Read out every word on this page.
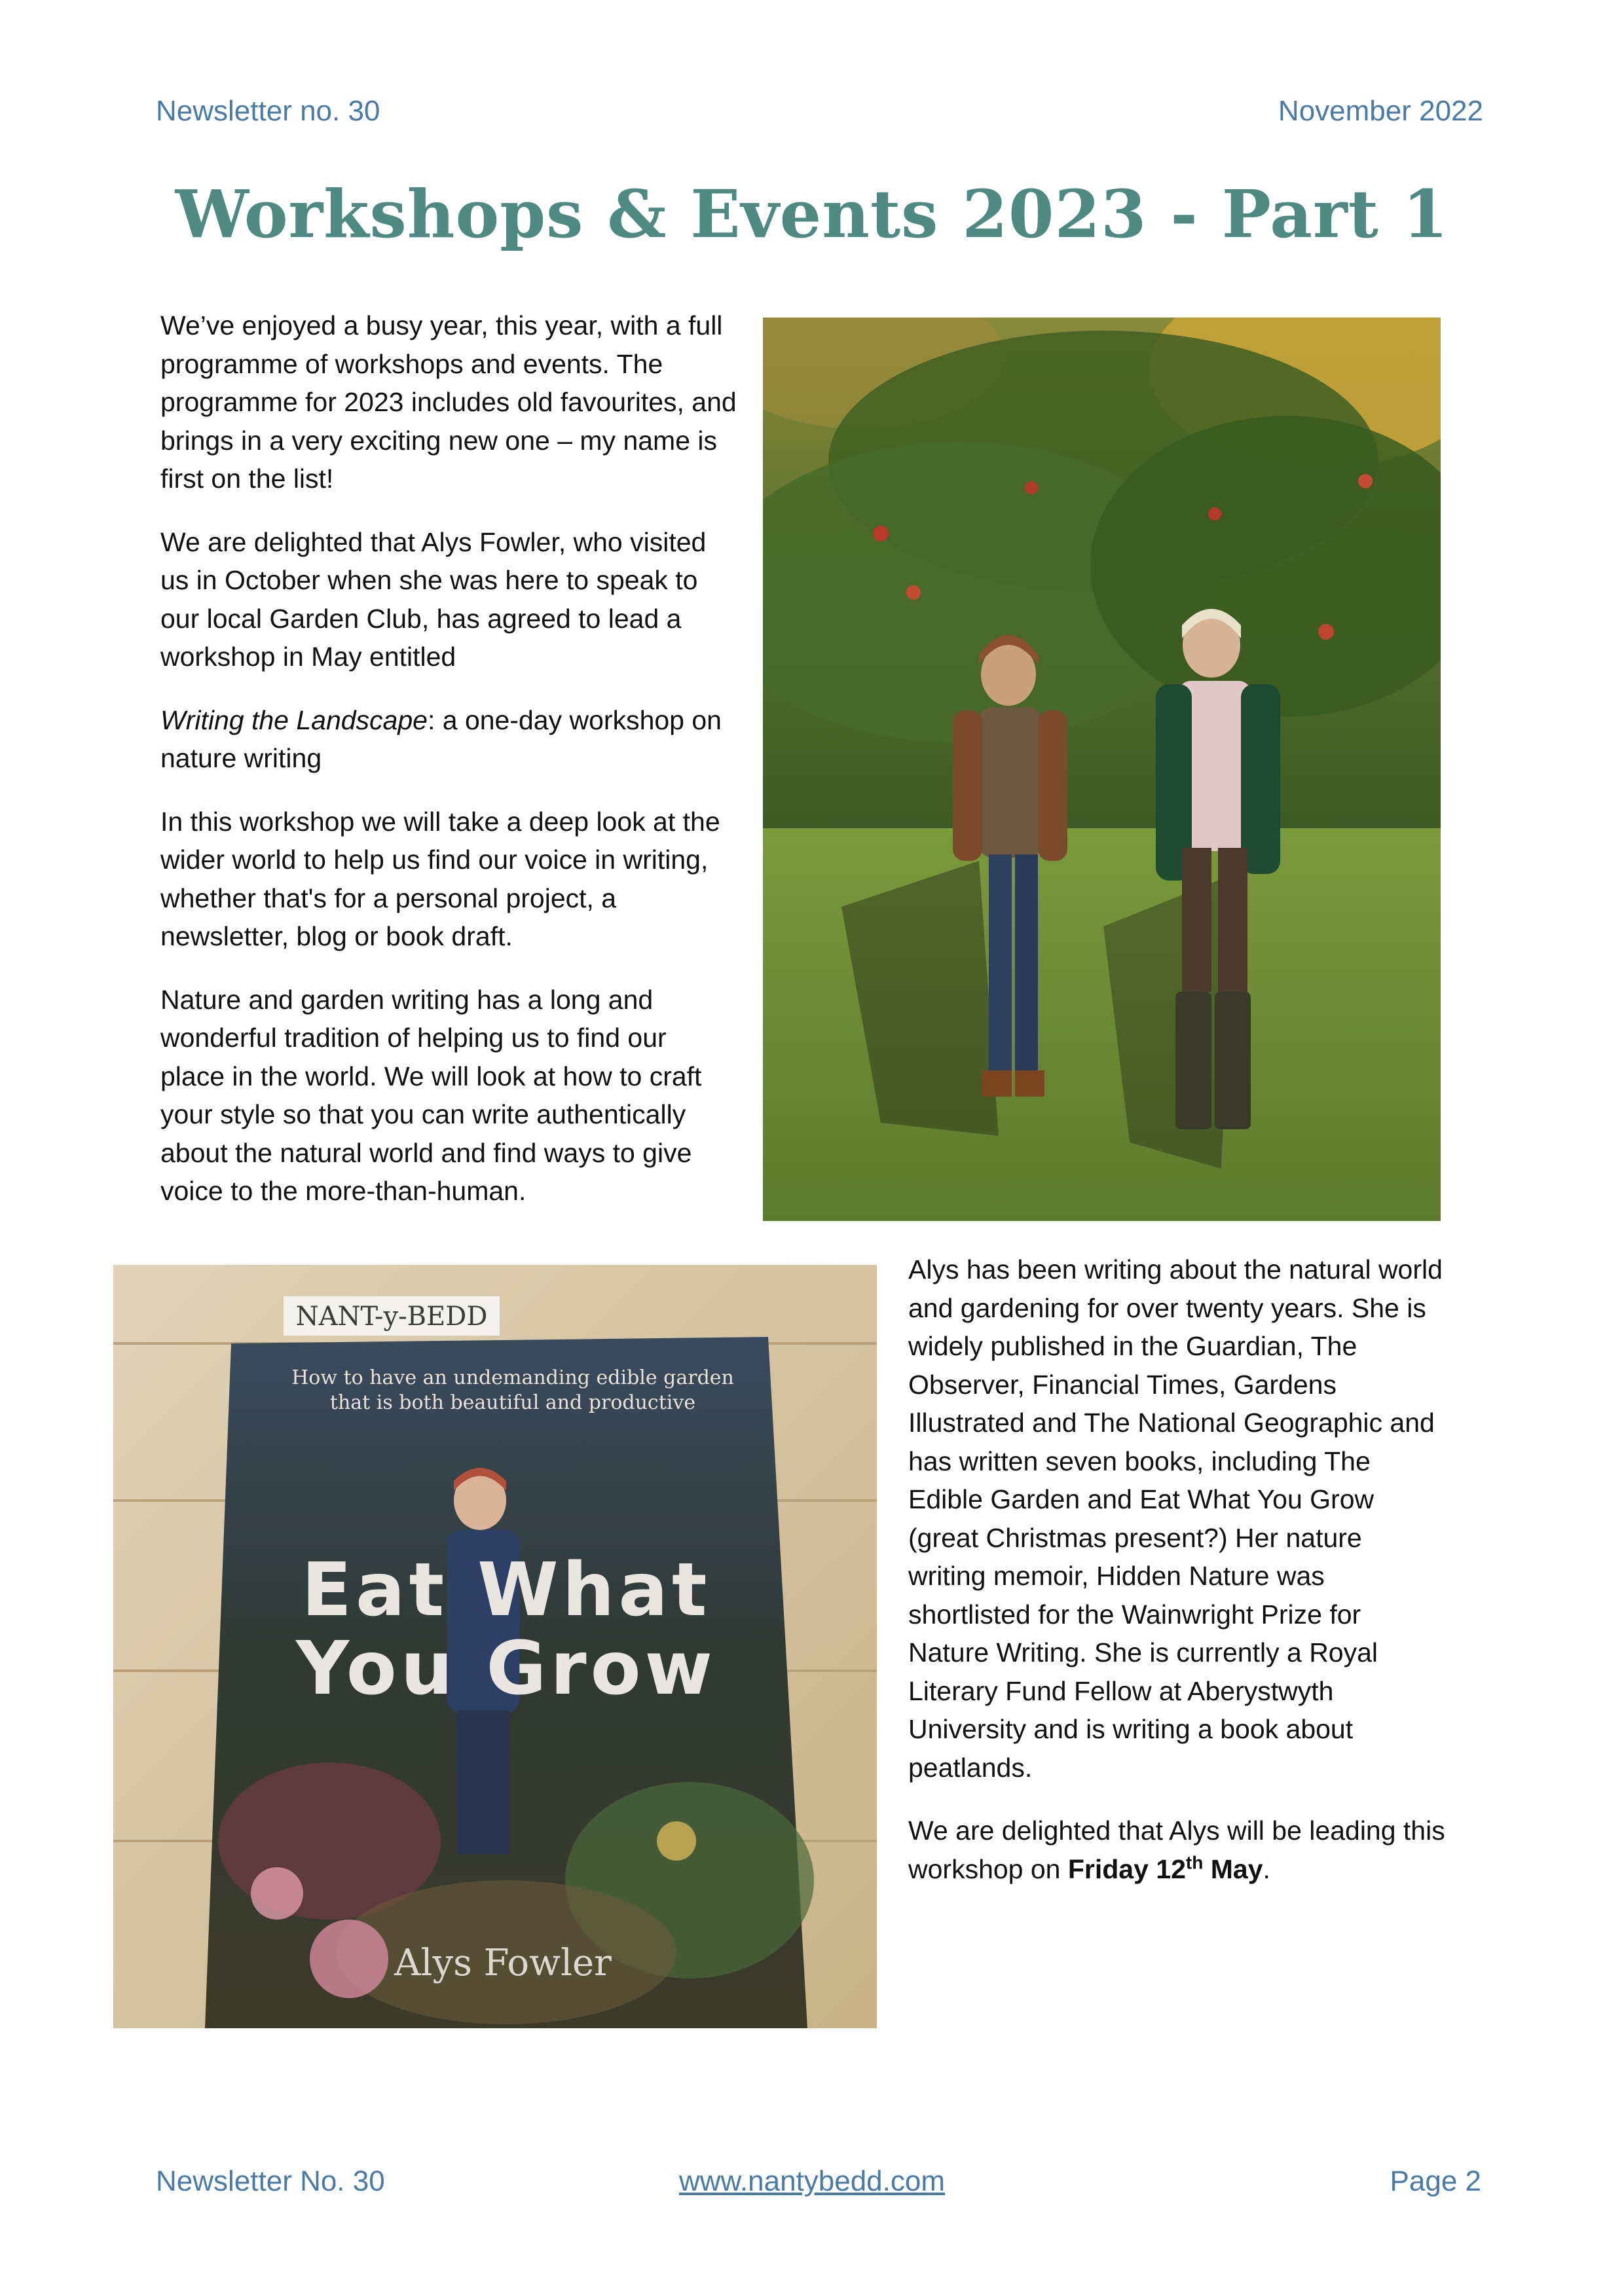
Newsletter no. 30	November 2022
Workshops & Events 2023 - Part 1

We’ve enjoyed a busy year, this year, with a full programme of workshops and events. The programme for 2023 includes old favourites, and brings in a very exciting new one – my name is first on the list!

We are delighted that Alys Fowler, who visited us in October when she was here to speak to our local Garden Club, has agreed to lead a workshop in May entitled

Writing the Landscape: a one-day workshop on nature writing

In this workshop we will take a deep look at the wider world to help us find our voice in writing, whether that's for a personal project, a newsletter, blog or book draft.

Nature and garden writing has a long and wonderful tradition of helping us to find our place in the world. We will look at how to craft your style so that you can write authentically about the natural world and find ways to give voice to the more-than-human.

NANT-y-BEDD
How to have an undemanding edible garden
that is both beautiful and productive
Eat What
You Grow
Alys Fowler

Alys has been writing about the natural world and gardening for over twenty years. She is widely published in the Guardian, The Observer, Financial Times, Gardens Illustrated and The National Geographic and has written seven books, including The Edible Garden and Eat What You Grow (great Christmas present?) Her nature writing memoir, Hidden Nature was shortlisted for the Wainwright Prize for Nature Writing. She is currently a Royal Literary Fund Fellow at Aberystwyth University and is writing a book about peatlands.

We are delighted that Alys will be leading this workshop on Friday 12th May.

Newsletter No. 30	www.nantybedd.com	Page 2
